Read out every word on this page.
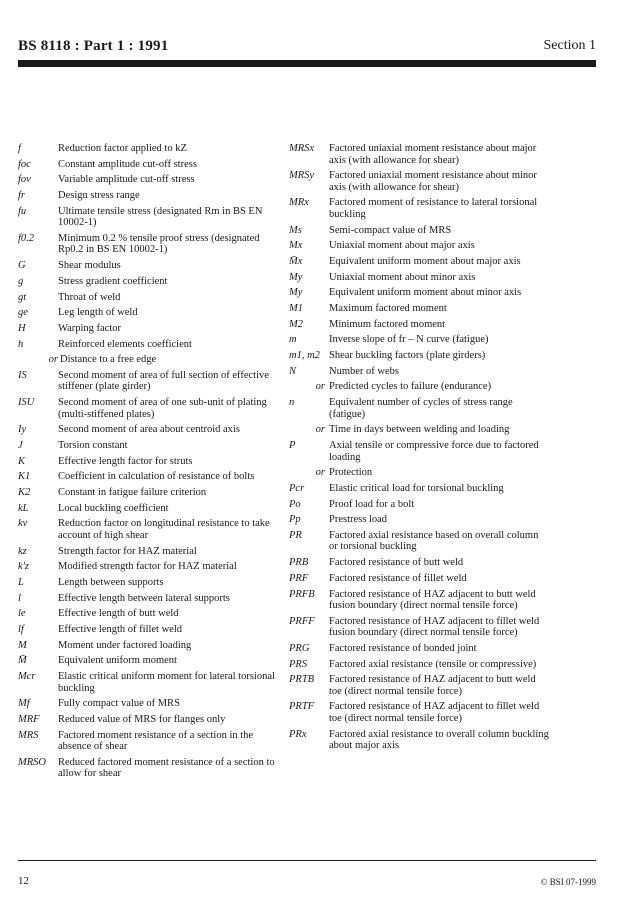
BS 8118 : Part 1 : 1991	Section 1
f	Reduction factor applied to kZ
foc	Constant amplitude cut-off stress
fov	Variable amplitude cut-off stress
fr	Design stress range
fu	Ultimate tensile stress (designated Rm in BS EN 10002-1)
f0.2	Minimum 0.2 % tensile proof stress (designated Rp0.2 in BS EN 10002-1)
G	Shear modulus
g	Stress gradient coefficient
gt	Throat of weld
ge	Leg length of weld
H	Warping factor
h	Reinforced elements coefficient
or Distance to a free edge
IS	Second moment of area of full section of effective stiffener (plate girder)
ISU	Second moment of area of one sub-unit of plating (multi-stiffened plates)
Iy	Second moment of area about centroid axis
J	Torsion constant
K	Effective length factor for struts
K1	Coefficient in calculation of resistance of bolts
K2	Constant in fatigue failure criterion
kL	Local buckling coefficient
kv	Reduction factor on longitudinal resistance to take account of high shear
kz	Strength factor for HAZ material
k'z	Modified strength factor for HAZ material
L	Length between supports
l	Effective length between lateral supports
le	Effective length of butt weld
lf	Effective length of fillet weld
M	Moment under factored loading
M̄	Equivalent uniform moment
Mcr	Elastic critical uniform moment for lateral torsional buckling
Mf	Fully compact value of MRS
MRF	Reduced value of MRS for flanges only
MRS	Factored moment resistance of a section in the absence of shear
MRSO	Reduced factored moment resistance of a section to allow for shear
MRSx	Factored uniaxial moment resistance about major axis (with allowance for shear)
MRSy	Factored uniaxial moment resistance about minor axis (with allowance for shear)
MRx	Factored moment of resistance to lateral torsional buckling
Ms	Semi-compact value of MRS
Mx	Uniaxial moment about major axis
M̄x	Equivalent uniform moment about major axis
My	Uniaxial moment about minor axis
My	Equivalent uniform moment about minor axis
M1	Maximum factored moment
M2	Minimum factored moment
m	Inverse slope of fr – N curve (fatigue)
m1, m2 Shear buckling factors (plate girders)
N	Number of webs
or Predicted cycles to failure (endurance)
n	Equivalent number of cycles of stress range (fatigue)
or Time in days between welding and loading
P	Axial tensile or compressive force due to factored loading
or Protection
Pcr	Elastic critical load for torsional buckling
Po	Proof load for a bolt
Pp	Prestress load
PR	Factored axial resistance based on overall column or torsional buckling
PRB	Factored resistance of butt weld
PRF	Factored resistance of fillet weld
PRFB	Factored resistance of HAZ adjacent to butt weld fusion boundary (direct normal tensile force)
PRFF	Factored resistance of HAZ adjacent to fillet weld fusion boundary (direct normal tensile force)
PRG	Factored resistance of bonded joint
PRS	Factored axial resistance (tensile or compressive)
PRTB	Factored resistance of HAZ adjacent to butt weld toe (direct normal tensile force)
PRTF	Factored resistance of HAZ adjacent to fillet weld toe (direct normal tensile force)
PRx	Factored axial resistance to overall column buckling about major axis
12	© BSI 07-1999
